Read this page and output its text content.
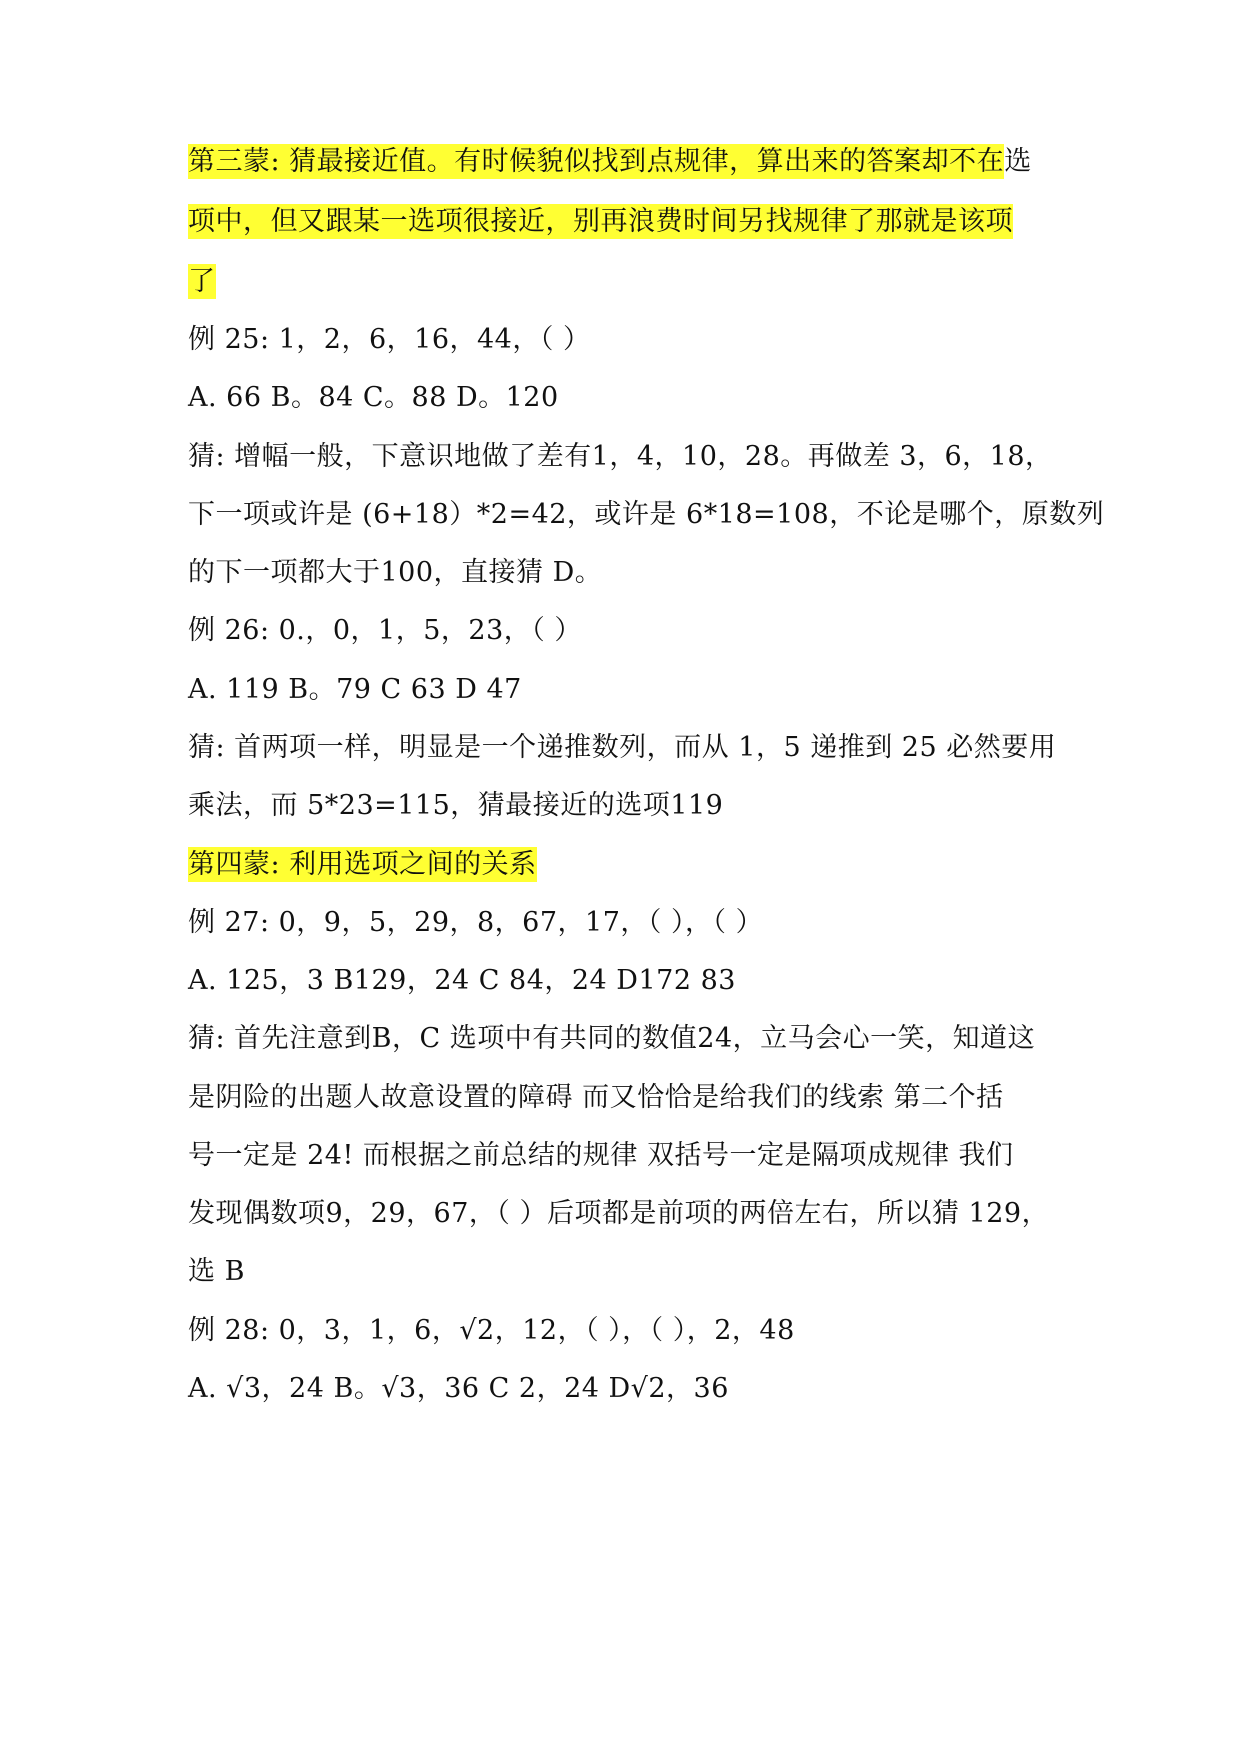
第三蒙: 猜最接近值。有时候貌似找到点规律，算出来的答案却不在选
项中，但又跟某一选项很接近，别再浪费时间另找规律了那就是该项
了
例 25: 1，2，6，16，44，（ ）
A. 66 B。84 C。88 D。120
猜: 增幅一般，下意识地做了差有1，4，10，28。再做差 3，6，18，
下一项或许是 (6+18）*2=42，或许是 6*18=108，不论是哪个，原数列
的下一项都大于100，直接猜 D。
例 26: 0.，0，1，5，23，（ ）
A. 119 B。79 C 63 D 47
猜: 首两项一样，明显是一个递推数列，而从 1，5 递推到 25 必然要用
乘法，而 5*23=115，猜最接近的选项119
第四蒙: 利用选项之间的关系
例 27: 0，9，5，29，8，67，17，（ ），（ ）
A. 125，3 B129，24 C 84，24 D172 83
猜: 首先注意到B，C 选项中有共同的数值24，立马会心一笑，知道这
是阴险的出题人故意设置的障碍 而又恰恰是给我们的线索 第二个括
号一定是 24! 而根据之前总结的规律 双括号一定是隔项成规律 我们
发现偶数项9，29，67，（ ）后项都是前项的两倍左右，所以猜 129，
选 B
例 28: 0，3，1，6，√2，12，（ ），（ ），2，48
A. √3，24 B。√3，36 C 2，24 D√2，36
